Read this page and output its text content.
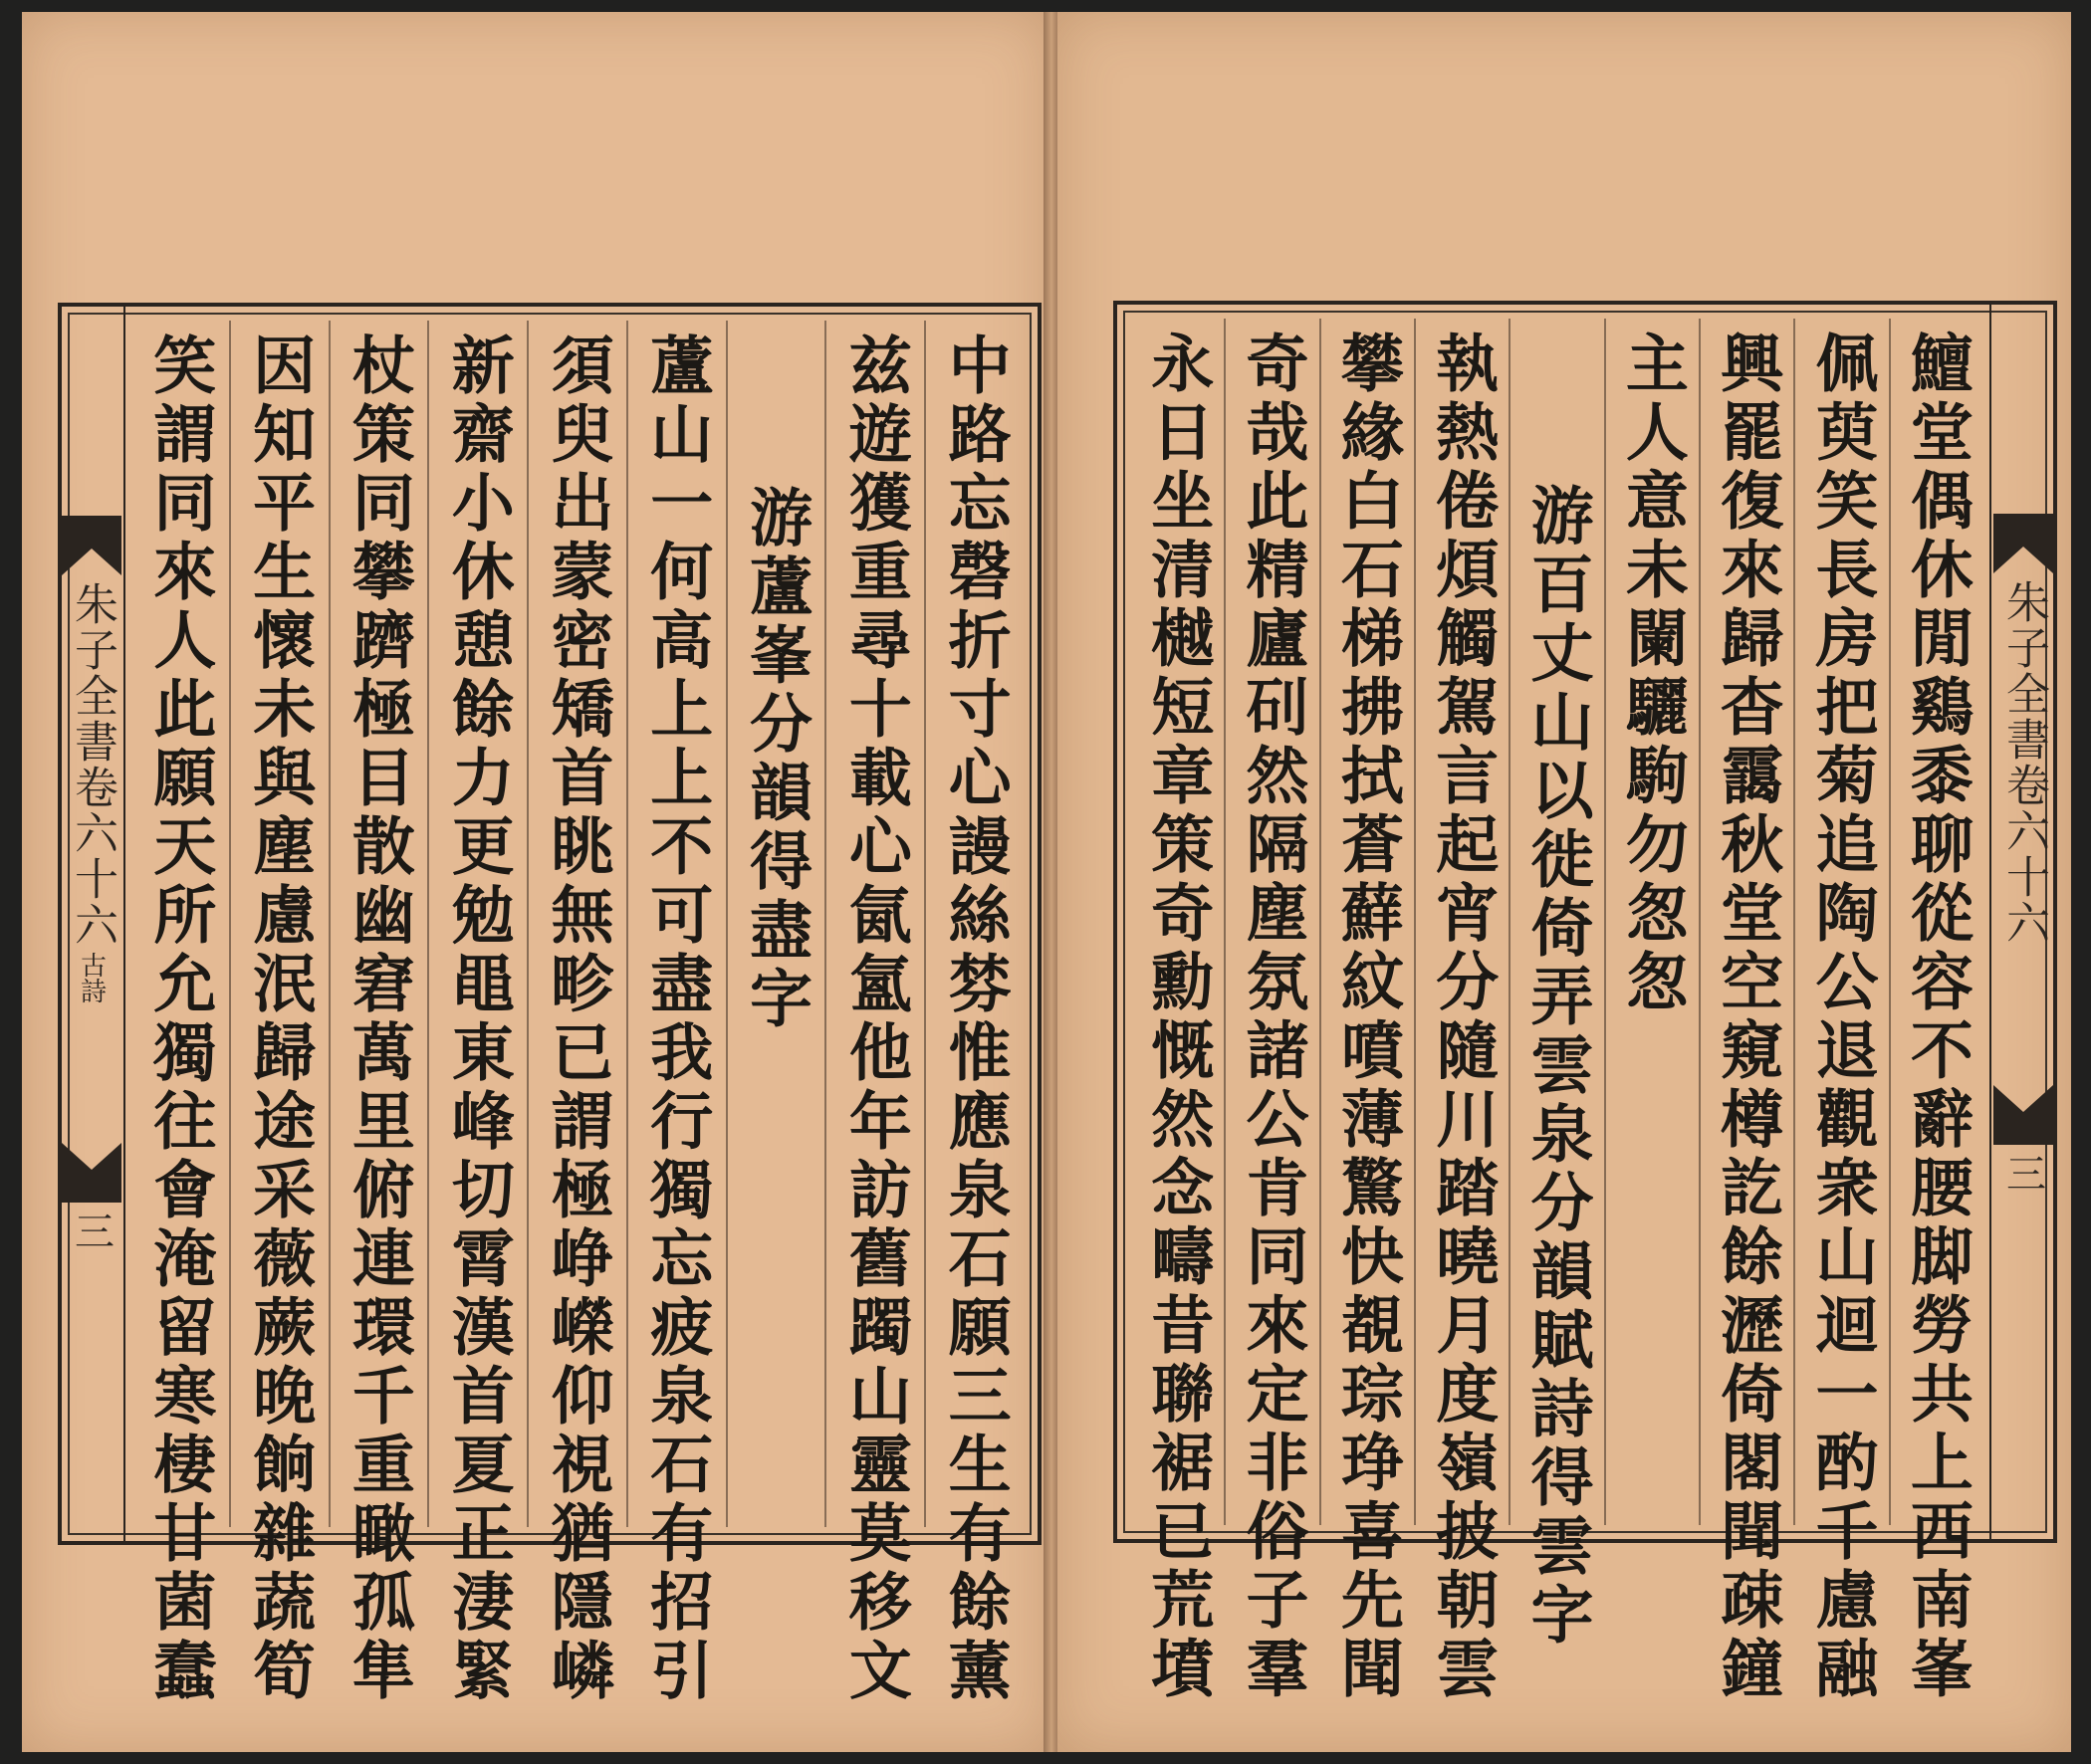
中路忘磬折寸心謾絲棼惟應泉石願三生有餘薰
兹遊獲重尋十載心氤氳他年訪舊躅山靈莫移文
游蘆峯分韻得盡字
蘆山一何高上上不可盡我行獨忘疲泉石有招引
須臾出蒙密矯首眺無畛已謂極峥嶸仰視猶隱嶙
新齋小休憩餘力更勉黽東峰切霄漢首夏正淒緊
杖策同攀躋極目散幽窘萬里俯連環千重瞰孤隼
因知平生懷未與塵慮泯歸途采薇蕨晚餉雜蔬筍
笑謂同來人此願天所允獨往會淹留寒棲甘菌蠢
朱子全書卷六十六
古詩
三	鱣堂偶休閒鷄黍聊從容不辭腰脚勞共上西南峯
佩萸笑長房把菊追陶公退觀衆山迴一酌千慮融
興罷復來歸杳靄秋堂空窺樽訖餘瀝倚閣聞疎鐘
主人意未闌驪駒勿怱怱
游百丈山以徙倚弄雲泉分韻賦詩得雲字
執熱倦煩觸駕言起宵分隨川踏曉月度嶺披朝雲
攀緣白石梯拂拭蒼蘚紋噴薄驚快覩琮琤喜先聞
奇哉此精廬矵然隔塵氛諸公肯同來定非俗子羣
永日坐清樾短章策奇勳慨然念疇昔聯裾已荒墳	朱子全書卷六十六
三
